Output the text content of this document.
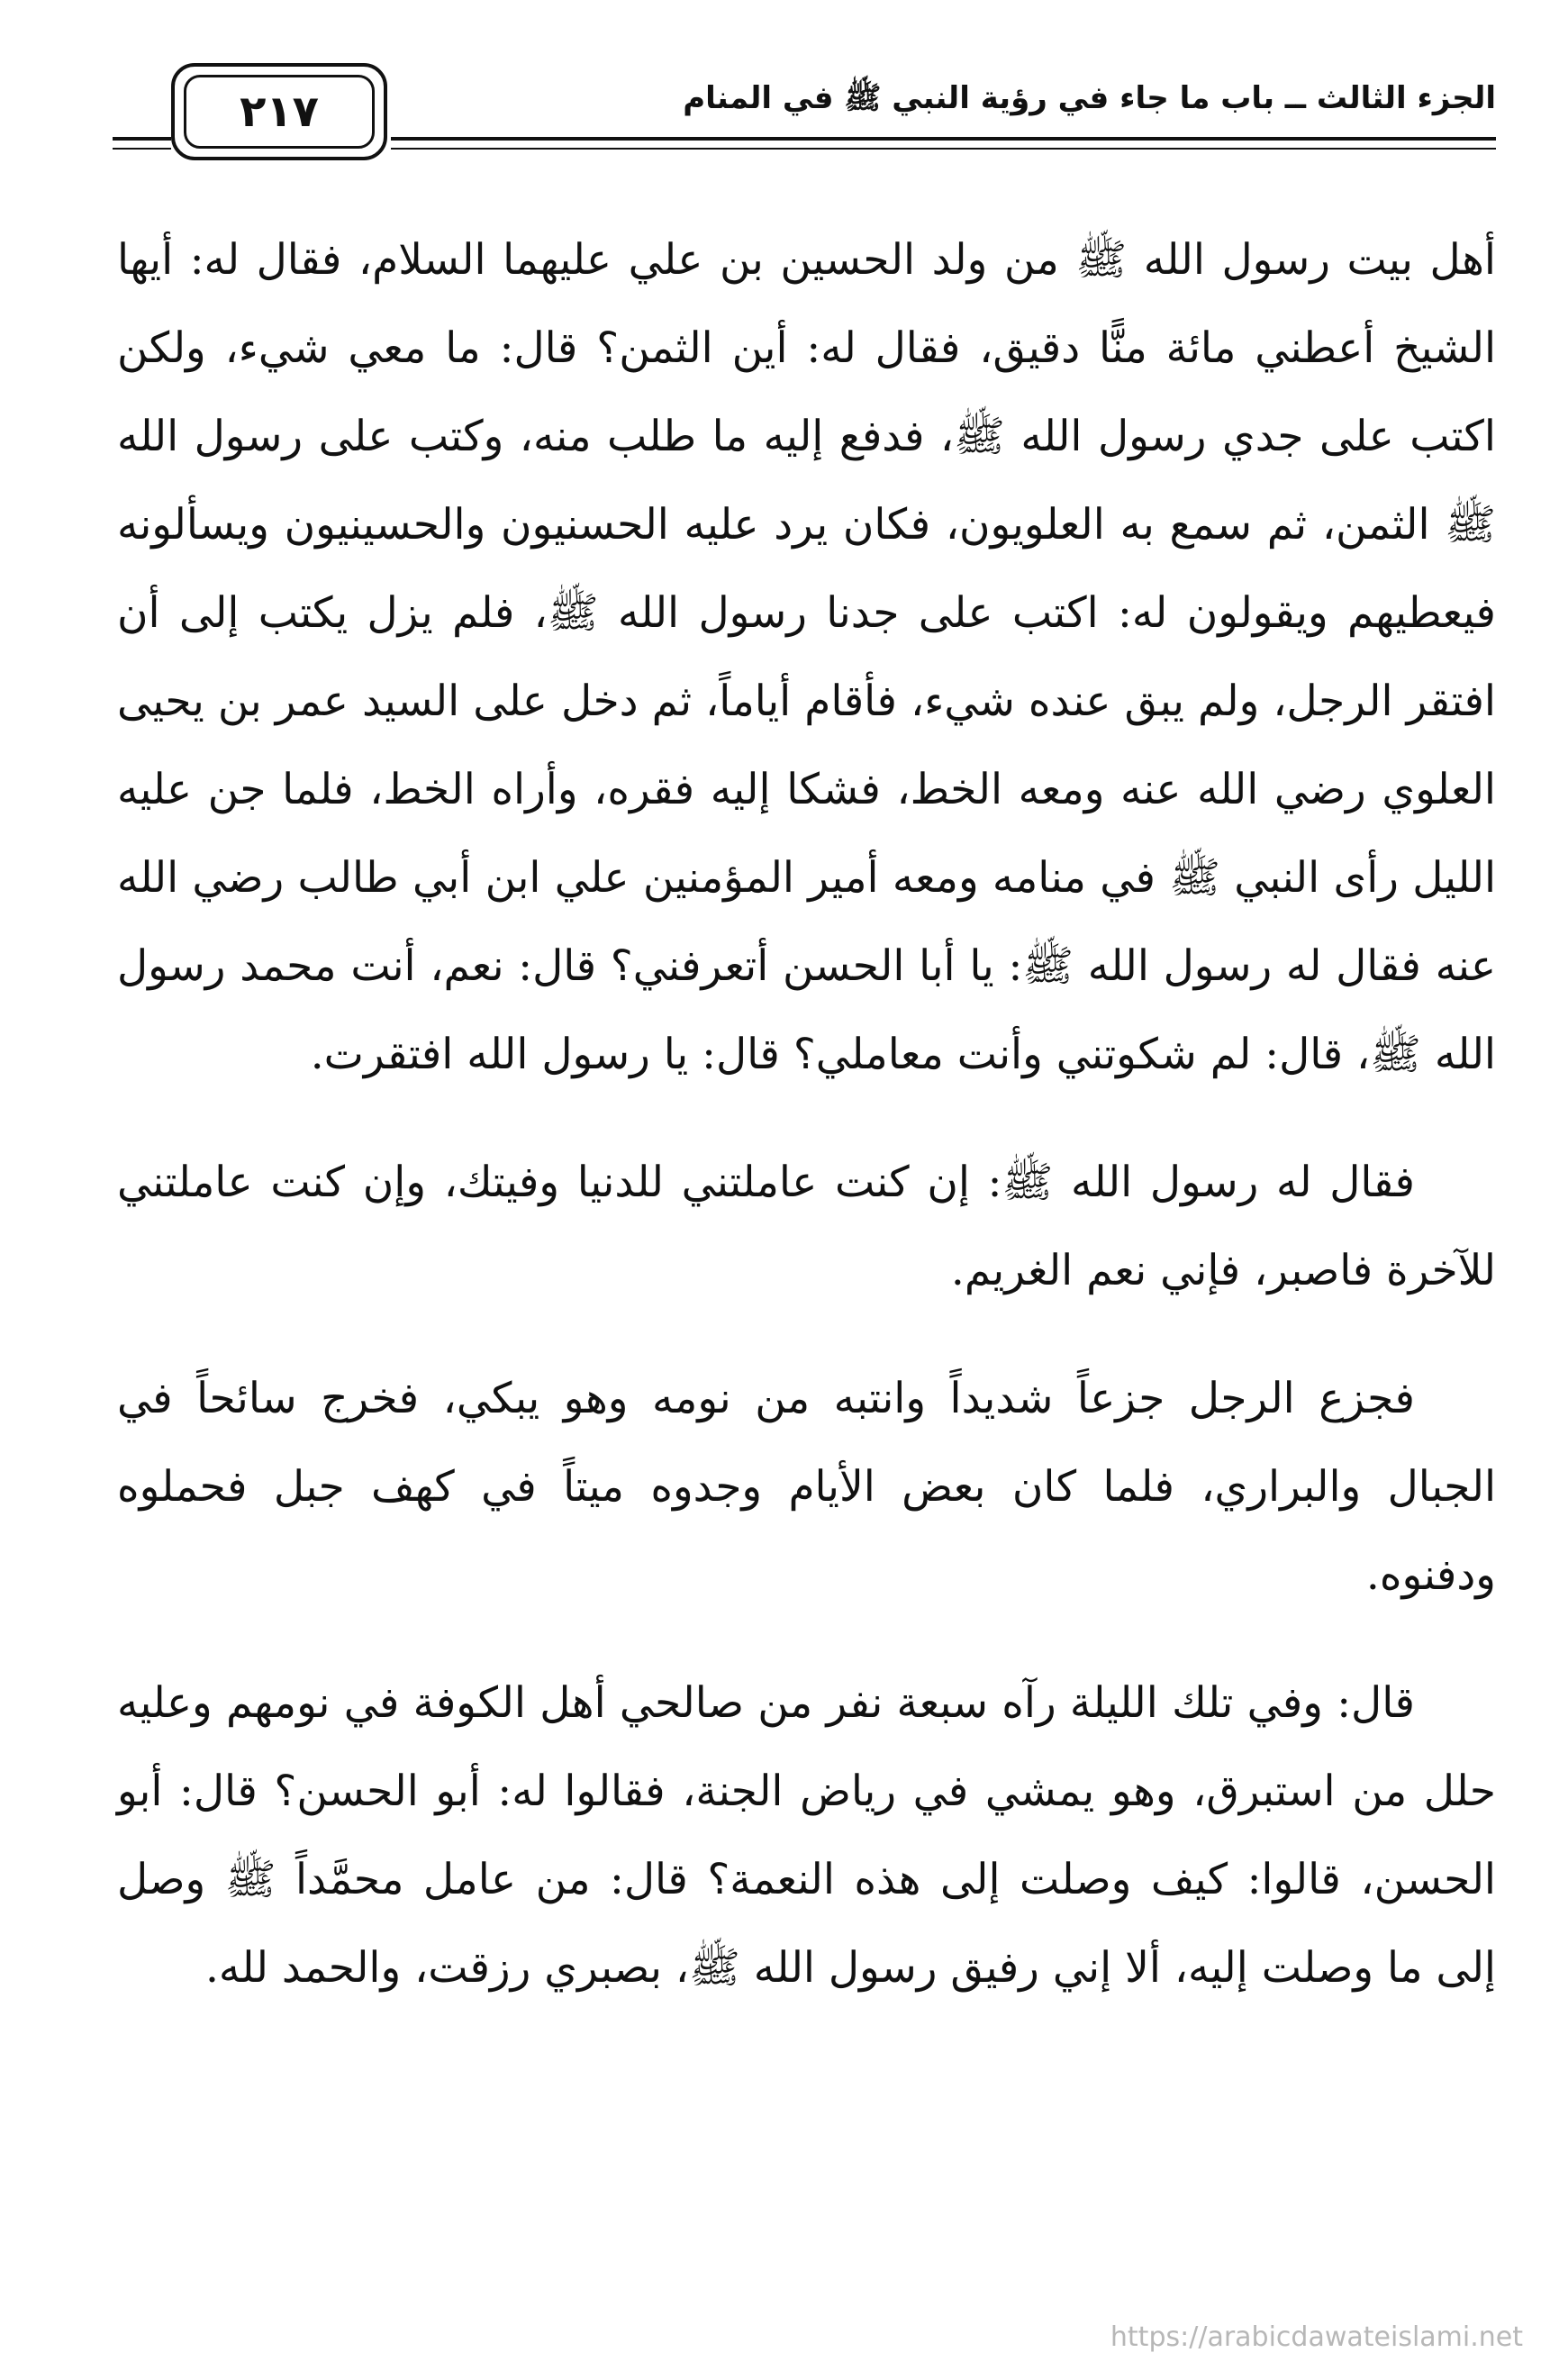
الجزء الثالث ــ باب ما جاء في رؤية النبي ﷺ في المنام
٢١٧

أهل بيت رسول الله ﷺ من ولد الحسين بن علي عليهما السلام، فقال له: أيها الشيخ أعطني مائة منًّا دقيق، فقال له: أين الثمن؟ قال: ما معي شيء، ولكن اكتب على جدي رسول الله ﷺ، فدفع إليه ما طلب منه، وكتب على رسول الله ﷺ الثمن، ثم سمع به العلويون، فكان يرد عليه الحسنيون والحسينيون ويسألونه فيعطيهم ويقولون له: اكتب على جدنا رسول الله ﷺ، فلم يزل يكتب إلى أن افتقر الرجل، ولم يبق عنده شيء، فأقام أياماً، ثم دخل على السيد عمر بن يحيى العلوي رضي الله عنه ومعه الخط، فشكا إليه فقره، وأراه الخط، فلما جن عليه الليل رأى النبي ﷺ في منامه ومعه أمير المؤمنين علي ابن أبي طالب رضي الله عنه فقال له رسول الله ﷺ: يا أبا الحسن أتعرفني؟ قال: نعم، أنت محمد رسول الله ﷺ، قال: لم شكوتني وأنت معاملي؟ قال: يا رسول الله افتقرت.

فقال له رسول الله ﷺ: إن كنت عاملتني للدنيا وفيتك، وإن كنت عاملتني للآخرة فاصبر، فإني نعم الغريم.

فجزع الرجل جزعاً شديداً وانتبه من نومه وهو يبكي، فخرج سائحاً في الجبال والبراري، فلما كان بعض الأيام وجدوه ميتاً في كهف جبل فحملوه ودفنوه.

قال: وفي تلك الليلة رآه سبعة نفر من صالحي أهل الكوفة في نومهم وعليه حلل من استبرق، وهو يمشي في رياض الجنة، فقالوا له: أبو الحسن؟ قال: أبو الحسن، قالوا: كيف وصلت إلى هذه النعمة؟ قال: من عامل محمَّداً ﷺ وصل إلى ما وصلت إليه، ألا إني رفيق رسول الله ﷺ، بصبري رزقت، والحمد لله.

https://arabicdawateislami.net
